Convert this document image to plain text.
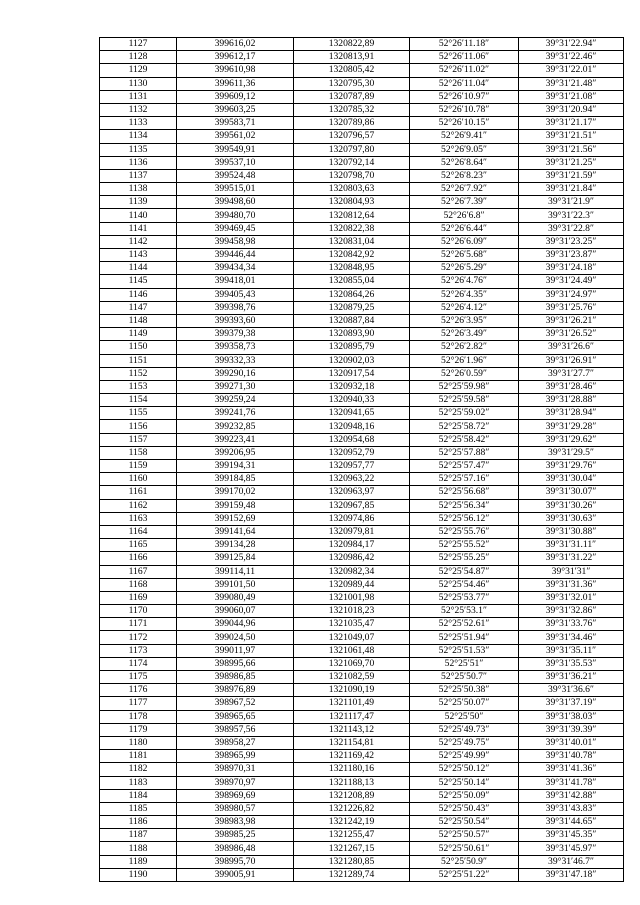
1127	399616,02	1320822,89	52°26′11.18″	39°31′22.94″
1128	399612,17	1320813,91	52°26′11.06″	39°31′22.46″
1129	399610,98	1320805,42	52°26′11.02″	39°31′22.01″
1130	399611,36	1320795,30	52°26′11.04″	39°31′21.48″
1131	399609,12	1320787,89	52°26′10.97″	39°31′21.08″
1132	399603,25	1320785,32	52°26′10.78″	39°31′20.94″
1133	399583,71	1320789,86	52°26′10.15″	39°31′21.17″
1134	399561,02	1320796,57	52°26′9.41″	39°31′21.51″
1135	399549,91	1320797,80	52°26′9.05″	39°31′21.56″
1136	399537,10	1320792,14	52°26′8.64″	39°31′21.25″
1137	399524,48	1320798,70	52°26′8.23″	39°31′21.59″
1138	399515,01	1320803,63	52°26′7.92″	39°31′21.84″
1139	399498,60	1320804,93	52°26′7.39″	39°31′21.9″
1140	399480,70	1320812,64	52°26′6.8″	39°31′22.3″
1141	399469,45	1320822,38	52°26′6.44″	39°31′22.8″
1142	399458,98	1320831,04	52°26′6.09″	39°31′23.25″
1143	399446,44	1320842,92	52°26′5.68″	39°31′23.87″
1144	399434,34	1320848,95	52°26′5.29″	39°31′24.18″
1145	399418,01	1320855,04	52°26′4.76″	39°31′24.49″
1146	399405,43	1320864,26	52°26′4.35″	39°31′24.97″
1147	399398,76	1320879,25	52°26′4.12″	39°31′25.76″
1148	399393,60	1320887,84	52°26′3.95″	39°31′26.21″
1149	399379,38	1320893,90	52°26′3.49″	39°31′26.52″
1150	399358,73	1320895,79	52°26′2.82″	39°31′26.6″
1151	399332,33	1320902,03	52°26′1.96″	39°31′26.91″
1152	399290,16	1320917,54	52°26′0.59″	39°31′27.7″
1153	399271,30	1320932,18	52°25′59.98″	39°31′28.46″
1154	399259,24	1320940,33	52°25′59.58″	39°31′28.88″
1155	399241,76	1320941,65	52°25′59.02″	39°31′28.94″
1156	399232,85	1320948,16	52°25′58.72″	39°31′29.28″
1157	399223,41	1320954,68	52°25′58.42″	39°31′29.62″
1158	399206,95	1320952,79	52°25′57.88″	39°31′29.5″
1159	399194,31	1320957,77	52°25′57.47″	39°31′29.76″
1160	399184,85	1320963,22	52°25′57.16″	39°31′30.04″
1161	399170,02	1320963,97	52°25′56.68″	39°31′30.07″
1162	399159,48	1320967,85	52°25′56.34″	39°31′30.26″
1163	399152,69	1320974,86	52°25′56.12″	39°31′30.63″
1164	399141,64	1320979,81	52°25′55.76″	39°31′30.88″
1165	399134,28	1320984,17	52°25′55.52″	39°31′31.11″
1166	399125,84	1320986,42	52°25′55.25″	39°31′31.22″
1167	399114,11	1320982,34	52°25′54.87″	39°31′31″
1168	399101,50	1320989,44	52°25′54.46″	39°31′31.36″
1169	399080,49	1321001,98	52°25′53.77″	39°31′32.01″
1170	399060,07	1321018,23	52°25′53.1″	39°31′32.86″
1171	399044,96	1321035,47	52°25′52.61″	39°31′33.76″
1172	399024,50	1321049,07	52°25′51.94″	39°31′34.46″
1173	399011,97	1321061,48	52°25′51.53″	39°31′35.11″
1174	398995,66	1321069,70	52°25′51″	39°31′35.53″
1175	398986,85	1321082,59	52°25′50.7″	39°31′36.21″
1176	398976,89	1321090,19	52°25′50.38″	39°31′36.6″
1177	398967,52	1321101,49	52°25′50.07″	39°31′37.19″
1178	398965,65	1321117,47	52°25′50″	39°31′38.03″
1179	398957,56	1321143,12	52°25′49.73″	39°31′39.39″
1180	398958,27	1321154,81	52°25′49.75″	39°31′40.01″
1181	398965,99	1321169,42	52°25′49.99″	39°31′40.78″
1182	398970,31	1321180,16	52°25′50.12″	39°31′41.36″
1183	398970,97	1321188,13	52°25′50.14″	39°31′41.78″
1184	398969,69	1321208,89	52°25′50.09″	39°31′42.88″
1185	398980,57	1321226,82	52°25′50.43″	39°31′43.83″
1186	398983,98	1321242,19	52°25′50.54″	39°31′44.65″
1187	398985,25	1321255,47	52°25′50.57″	39°31′45.35″
1188	398986,48	1321267,15	52°25′50.61″	39°31′45.97″
1189	398995,70	1321280,85	52°25′50.9″	39°31′46.7″
1190	399005,91	1321289,74	52°25′51.22″	39°31′47.18″
